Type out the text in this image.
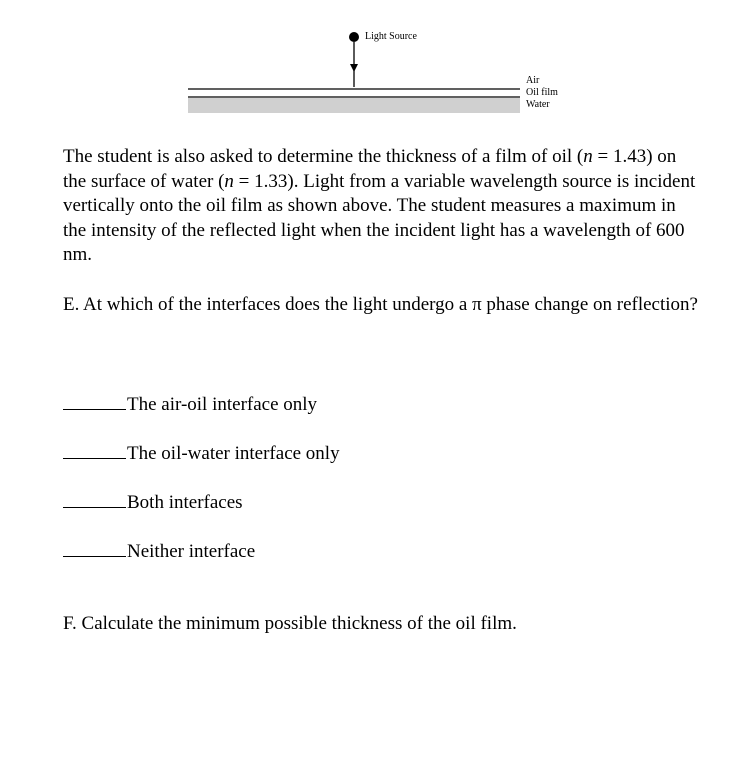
Light Source
Air
Oil film
Water

The student is also asked to determine the thickness of a film of oil (n = 1.43) on the surface of water (n = 1.33). Light from a variable wavelength source is incident vertically onto the oil film as shown above. The student measures a maximum in the intensity of the reflected light when the incident light has a wavelength of 600 nm.

E. At which of the interfaces does the light undergo a π phase change on reflection?

The air-oil interface only
The oil-water interface only
Both interfaces
Neither interface
F. Calculate the minimum possible thickness of the oil film.
